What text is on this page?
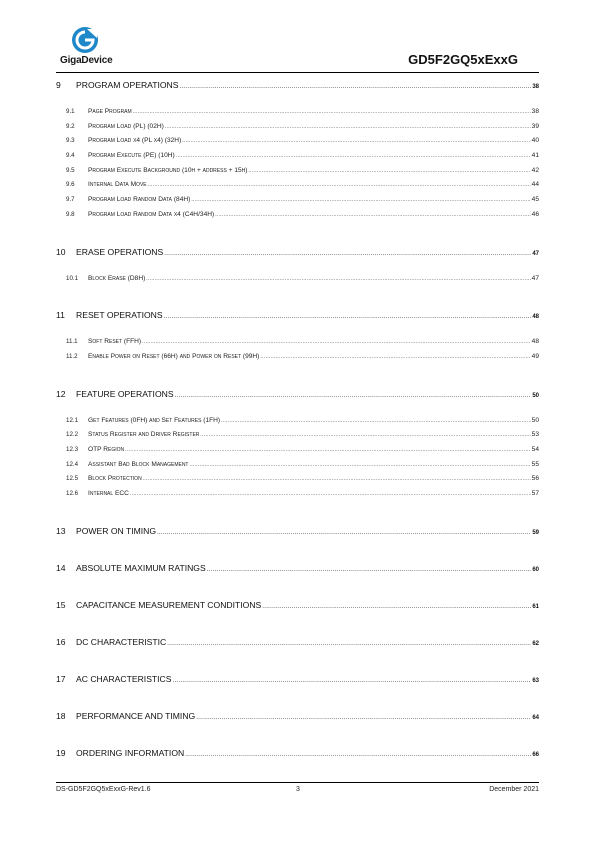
GigaDevice	GD5F2GQ5xExxG
9	PROGRAM OPERATIONS .....	38
9.1	Page Program .....	38
9.2	Program Load (PL) (02H) .....	39
9.3	Program Load x4 (PL x4) (32H) .....	40
9.4	Program Execute (PE) (10H) .....	41
9.5	Program Execute Background (10h + address + 15h) .....	42
9.6	Internal Data Move .....	44
9.7	Program Load Random Data (84H) .....	45
9.8	Program Load Random Data x4 (C4H/34H) .....	46
10	ERASE OPERATIONS .....	47
10.1	Block Erase (D8H) .....	47
11	RESET OPERATIONS .....	48
11.1	Soft Reset (FFH) .....	48
11.2	Enable Power on Reset (66H) and Power on Reset (99H) .....	49
12	FEATURE OPERATIONS .....	50
12.1	Get Features (0FH) and Set Features (1FH) .....	50
12.2	Status Register and Driver Register .....	53
12.3	OTP Region .....	54
12.4	Assistant Bad Block Management .....	55
12.5	Block Protection .....	56
12.6	Internal ECC .....	57
13	POWER ON TIMING .....	59
14	ABSOLUTE MAXIMUM RATINGS .....	60
15	CAPACITANCE MEASUREMENT CONDITIONS .....	61
16	DC CHARACTERISTIC .....	62
17	AC CHARACTERISTICS .....	63
18	PERFORMANCE AND TIMING .....	64
19	ORDERING INFORMATION .....	66
DS-GD5F2GQ5xExxG-Rev1.6	3	December 2021
